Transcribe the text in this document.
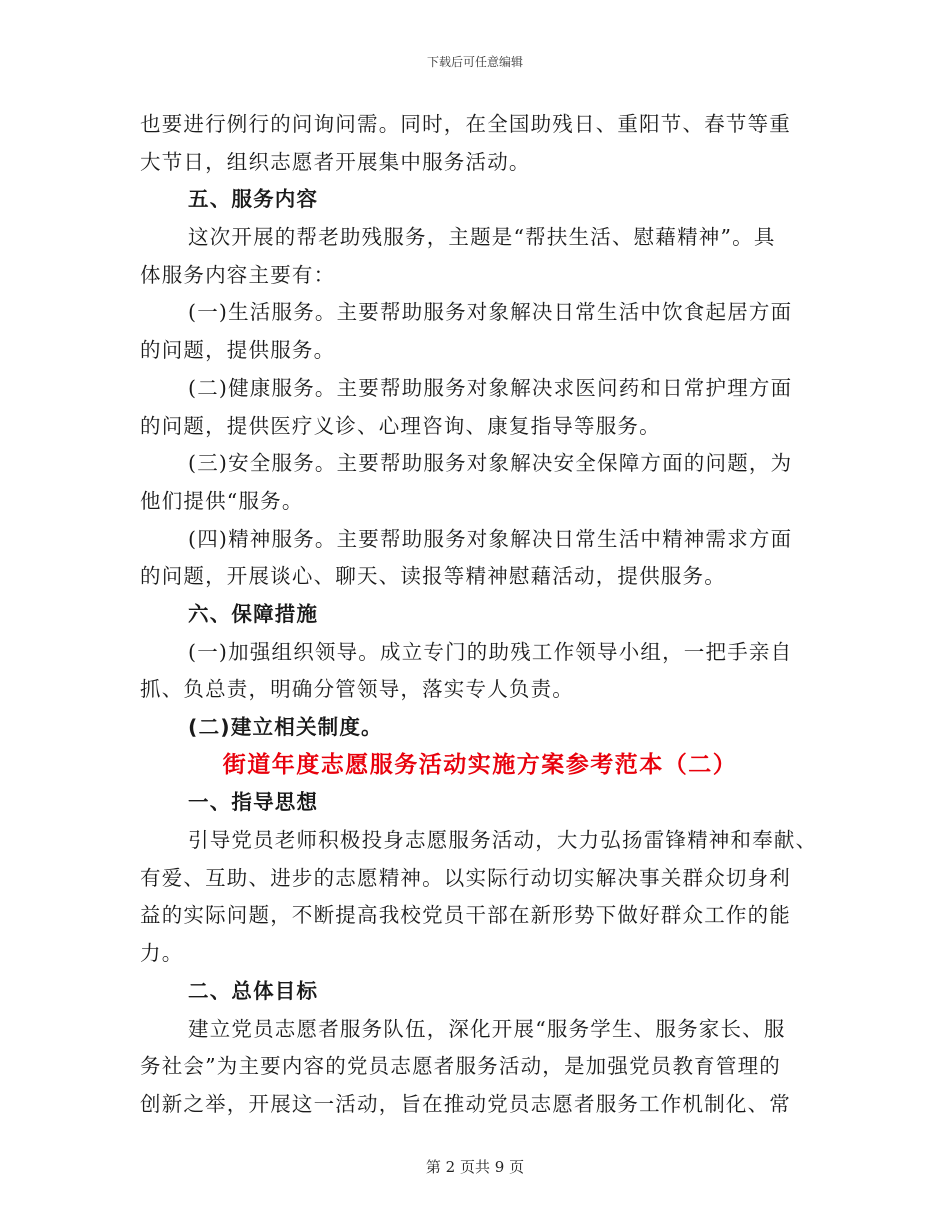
下载后可任意编辑
也要进行例行的问询问需。同时，在全国助残日、重阳节、春节等重
大节日，组织志愿者开展集中服务活动。
五、服务内容
这次开展的帮老助残服务，主题是“帮扶生活、慰藉精神”。具
体服务内容主要有：
(一)生活服务。主要帮助服务对象解决日常生活中饮食起居方面
的问题，提供服务。
(二)健康服务。主要帮助服务对象解决求医问药和日常护理方面
的问题，提供医疗义诊、心理咨询、康复指导等服务。
(三)安全服务。主要帮助服务对象解决安全保障方面的问题，为
他们提供“服务。
(四)精神服务。主要帮助服务对象解决日常生活中精神需求方面
的问题，开展谈心、聊天、读报等精神慰藉活动，提供服务。
六、保障措施
(一)加强组织领导。成立专门的助残工作领导小组，一把手亲自
抓、负总责，明确分管领导，落实专人负责。
(二)建立相关制度。
街道年度志愿服务活动实施方案参考范本（二）
一、指导思想
引导党员老师积极投身志愿服务活动，大力弘扬雷锋精神和奉献、
有爱、互助、进步的志愿精神。以实际行动切实解决事关群众切身利
益的实际问题，不断提高我校党员干部在新形势下做好群众工作的能
力。
二、总体目标
建立党员志愿者服务队伍，深化开展“服务学生、服务家长、服
务社会”为主要内容的党员志愿者服务活动，是加强党员教育管理的
创新之举，开展这一活动，旨在推动党员志愿者服务工作机制化、常
第 2 页共 9 页
